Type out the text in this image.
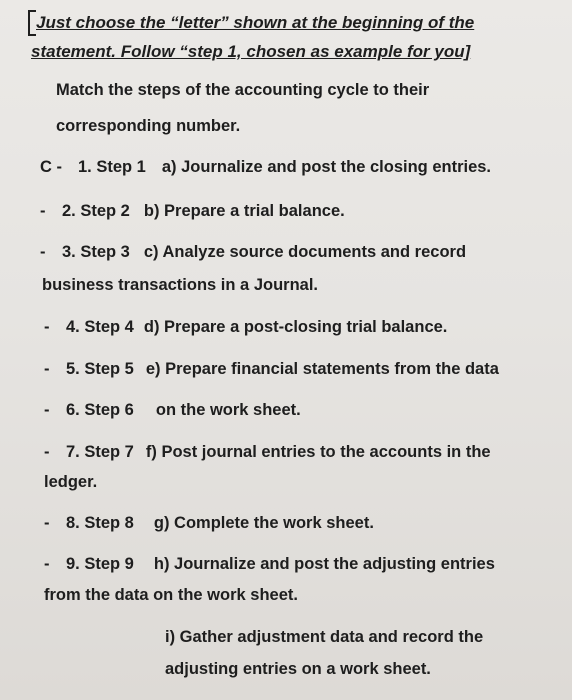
Just choose the “letter” shown at the beginning of the
statement. Follow “step 1, chosen as example for you]
Match the steps of the accounting cycle to their
corresponding number.
C - 1. Step 1 a) Journalize and post the closing entries.
- 2. Step 2 b) Prepare a trial balance.
- 3. Step 3 c) Analyze source documents and record
business transactions in a Journal.
- 4. Step 4 d) Prepare a post-closing trial balance.
- 5. Step 5 e) Prepare financial statements from the data
- 6. Step 6 on the work sheet.
- 7. Step 7 f) Post journal entries to the accounts in the
ledger.
- 8. Step 8 g) Complete the work sheet.
- 9. Step 9 h) Journalize and post the adjusting entries
from the data on the work sheet.
i) Gather adjustment data and record the
adjusting entries on a work sheet.
